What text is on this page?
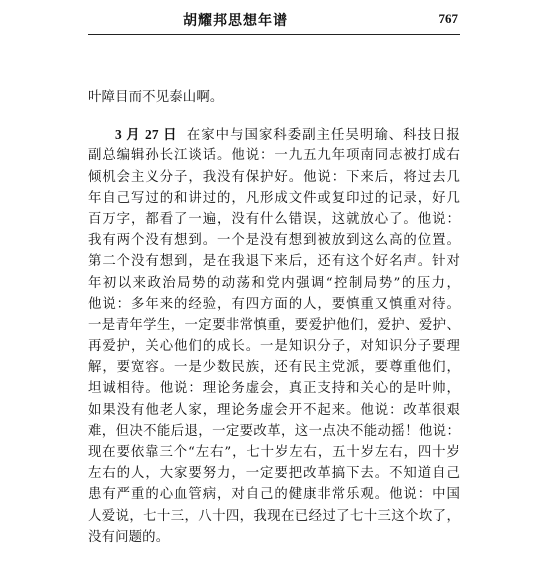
胡耀邦思想年谱	767
叶障目而不见泰山啊。
3 月 27 日 在家中与国家科委副主任吴明瑜、科技日报
副总编辑孙长江谈话。他说：一九五九年项南同志被打成右
倾机会主义分子，我没有保护好。他说：下来后，将过去几
年自己写过的和讲过的，凡形成文件或复印过的记录，好几
百万字，都看了一遍，没有什么错误，这就放心了。他说：
我有两个没有想到。一个是没有想到被放到这么高的位置。
第二个没有想到，是在我退下来后，还有这个好名声。针对
年初以来政治局势的动荡和党内强调“控制局势”的压力，
他说：多年来的经验，有四方面的人，要慎重又慎重对待。
一是青年学生，一定要非常慎重，要爱护他们，爱护、爱护、
再爱护，关心他们的成长。一是知识分子，对知识分子要理
解，要宽容。一是少数民族，还有民主党派，要尊重他们，
坦诚相待。他说：理论务虚会，真正支持和关心的是叶帅，
如果没有他老人家，理论务虚会开不起来。他说：改革很艰
难，但决不能后退，一定要改革，这一点决不能动摇！他说：
现在要依靠三个“左右”，七十岁左右，五十岁左右，四十岁
左右的人，大家要努力，一定要把改革搞下去。不知道自己
患有严重的心血管病，对自己的健康非常乐观。他说：中国
人爱说，七十三，八十四，我现在已经过了七十三这个坎了，
没有问题的。
